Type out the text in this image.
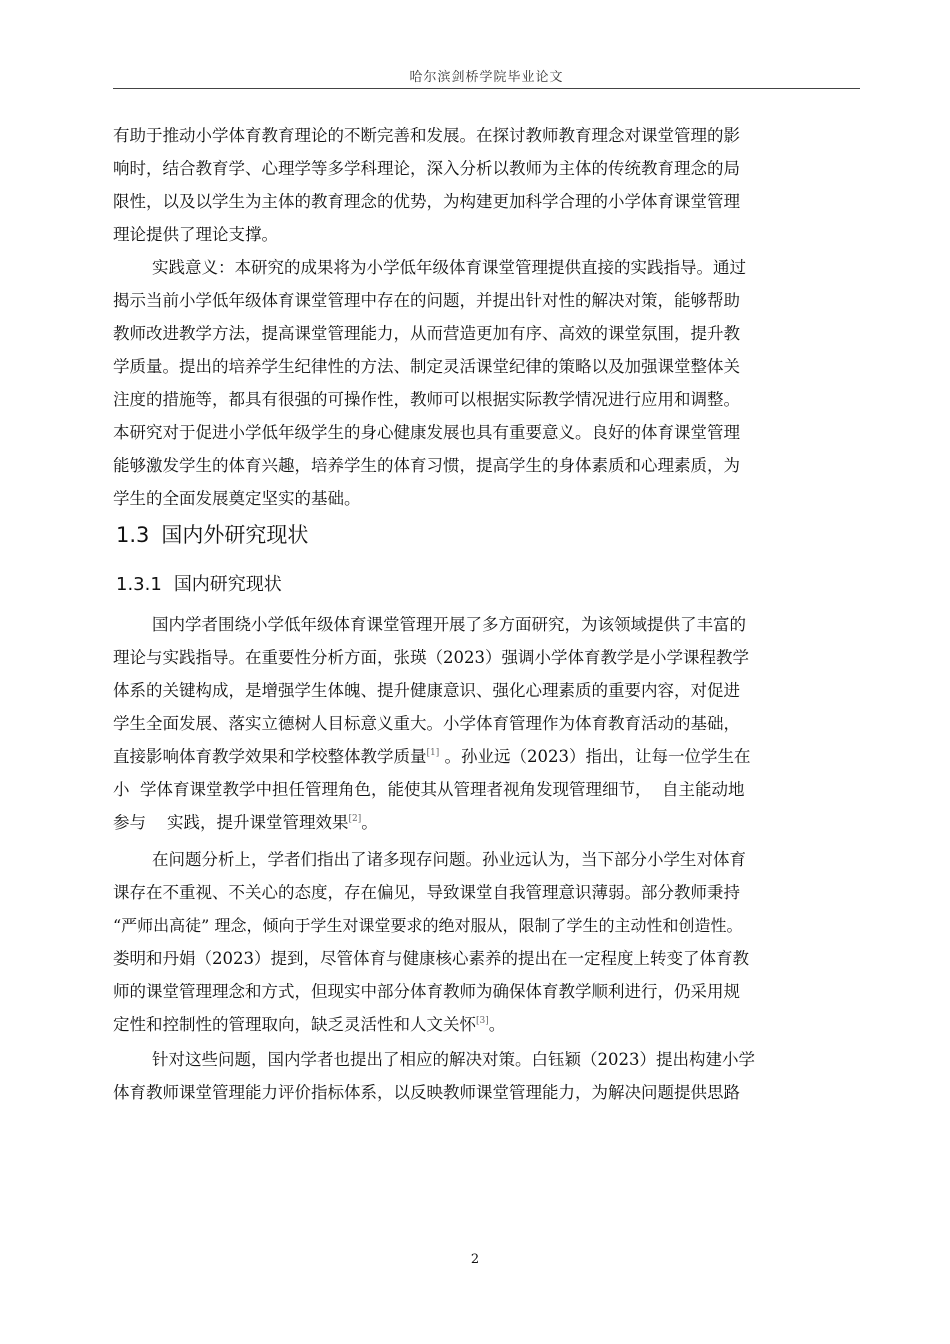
哈尔滨剑桥学院毕业论文
有助于推动小学体育教育理论的不断完善和发展。在探讨教师教育理念对课堂管理的影
响时，结合教育学、心理学等多学科理论，深入分析以教师为主体的传统教育理念的局
限性，以及以学生为主体的教育理念的优势，为构建更加科学合理的小学体育课堂管理
理论提供了理论支撑。
实践意义：本研究的成果将为小学低年级体育课堂管理提供直接的实践指导。通过
揭示当前小学低年级体育课堂管理中存在的问题，并提出针对性的解决对策，能够帮助
教师改进教学方法，提高课堂管理能力，从而营造更加有序、高效的课堂氛围，提升教
学质量。提出的培养学生纪律性的方法、制定灵活课堂纪律的策略以及加强课堂整体关
注度的措施等，都具有很强的可操作性，教师可以根据实际教学情况进行应用和调整。
本研究对于促进小学低年级学生的身心健康发展也具有重要意义。良好的体育课堂管理
能够激发学生的体育兴趣，培养学生的体育习惯，提高学生的身体素质和心理素质，为
学生的全面发展奠定坚实的基础。
1.3 国内外研究现状
1.3.1 国内研究现状
国内学者围绕小学低年级体育课堂管理开展了多方面研究，为该领域提供了丰富的
理论与实践指导。在重要性分析方面，张瑛（2023）强调小学体育教学是小学课程教学
体系的关键构成，是增强学生体魄、提升健康意识、强化心理素质的重要内容，对促进
学生全面发展、落实立德树人目标意义重大。小学体育管理作为体育教育活动的基础，
直接影响体育教学效果和学校整体教学质量[1] 。孙业远（2023）指出，让每一位学生在
小  学体育课堂教学中担任管理角色，能使其从管理者视角发现管理细节，  自主能动地
参与    实践，提升课堂管理效果[2]。
在问题分析上，学者们指出了诸多现存问题。孙业远认为，当下部分小学生对体育
课存在不重视、不关心的态度，存在偏见，导致课堂自我管理意识薄弱。部分教师秉持
“严师出高徒” 理念，倾向于学生对课堂要求的绝对服从，限制了学生的主动性和创造性。
娄明和丹娟（2023）提到，尽管体育与健康核心素养的提出在一定程度上转变了体育教
师的课堂管理理念和方式，但现实中部分体育教师为确保体育教学顺利进行，仍采用规
定性和控制性的管理取向，缺乏灵活性和人文关怀[3]。
针对这些问题，国内学者也提出了相应的解决对策。白钰颖（2023）提出构建小学
体育教师课堂管理能力评价指标体系，以反映教师课堂管理能力，为解决问题提供思路
2
